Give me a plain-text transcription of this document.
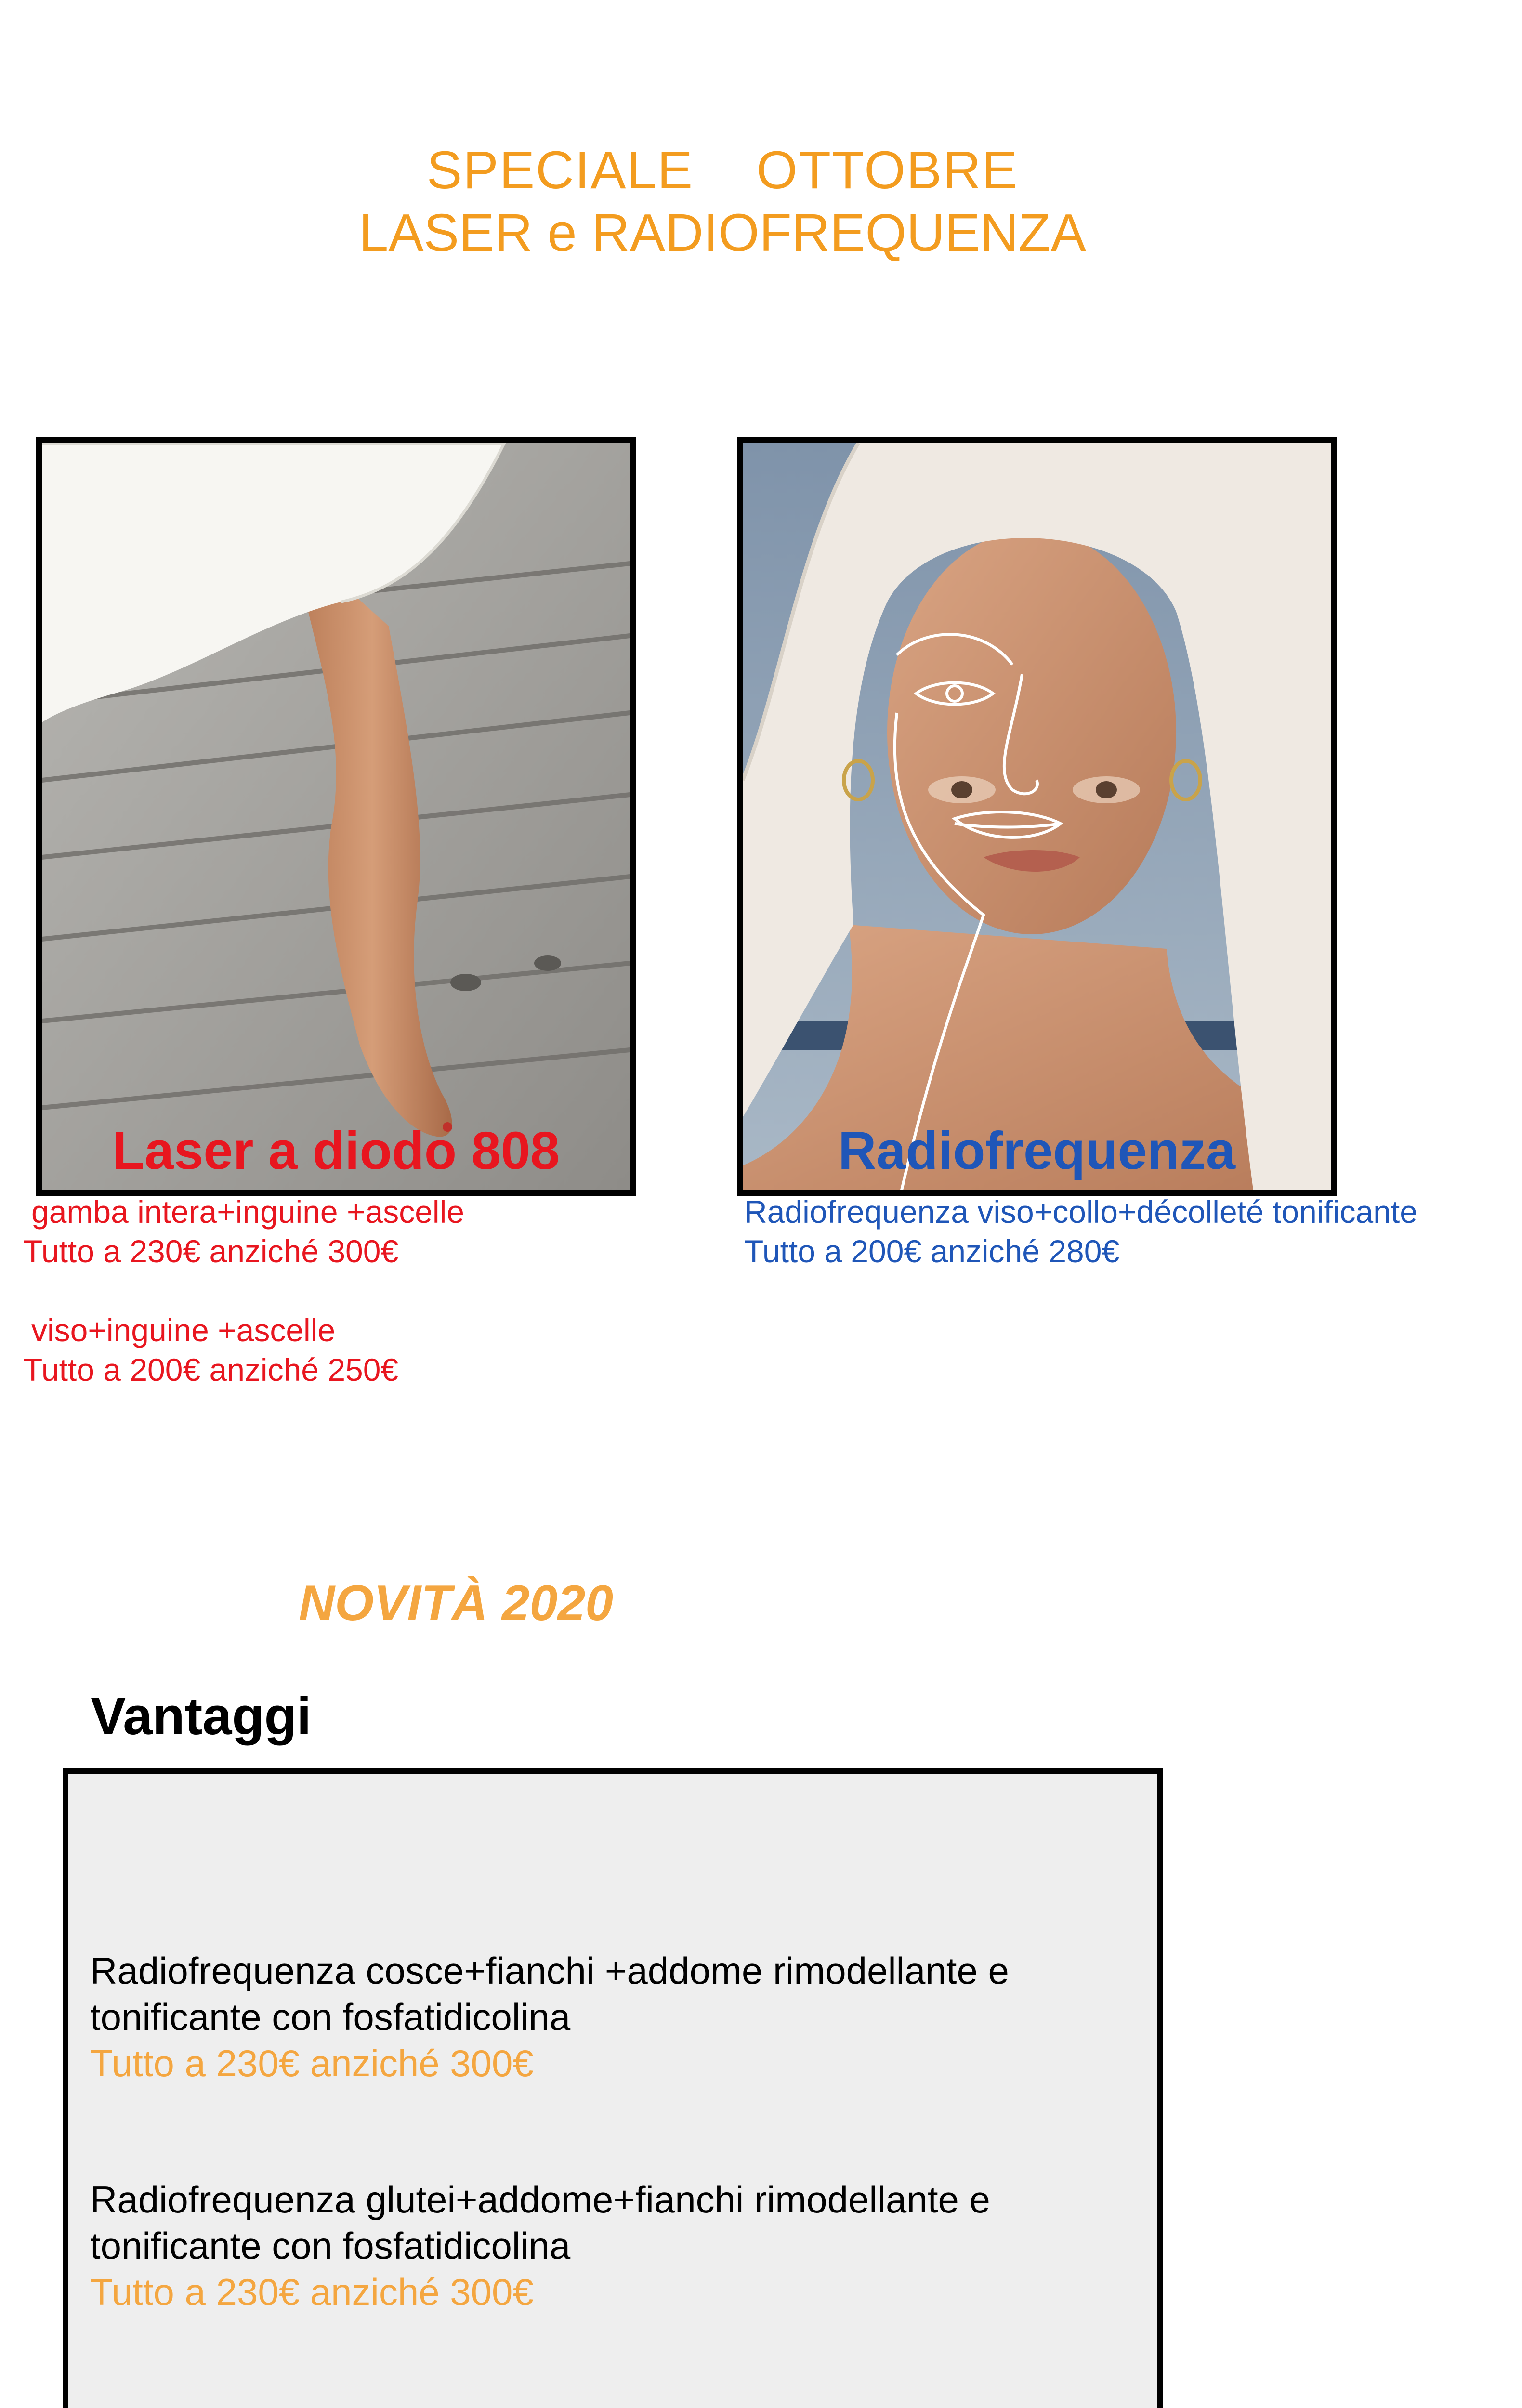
SPECIALE    OTTOBRE
LASER e RADIOFREQUENZA
Laser a diodo 808	Radiofrequenza
gamba intera+inguine +ascelle
Tutto a 230€ anziché 300€
viso+inguine +ascelle
Tutto a 200€ anziché 250€
Radiofrequenza viso+collo+décolleté tonificante
Tutto a 200€ anziché 280€
NOVITÀ 2020
Vantaggi
Radiofrequenza cosce+fianchi +addome rimodellante e
tonificante con fosfatidicolina
Tutto a 230€ anziché 300€
Radiofrequenza glutei+addome+fianchi rimodellante e
tonificante con fosfatidicolina
Tutto a 230€ anziché 300€
